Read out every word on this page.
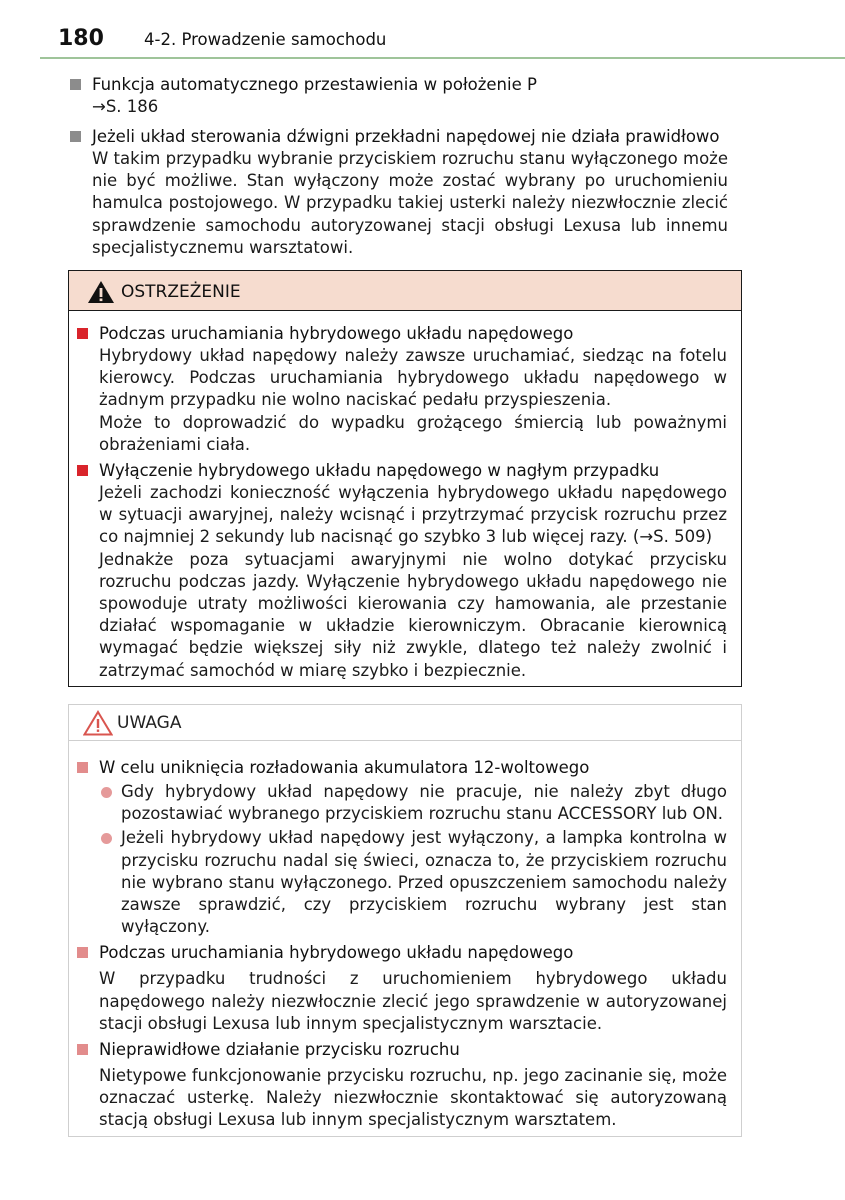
180 4-2. Prowadzenie samochodu

Funkcja automatycznego przestawienia w położenie P

→S. 186

Jeżeli układ sterowania dźwigni przekładni napędowej nie działa prawidłowo

W takim przypadku wybranie przyciskiem rozruchu stanu wyłączonego może nie być możliwe. Stan wyłączony może zostać wybrany po uruchomieniu hamulca postojowego. W przypadku takiej usterki należy niezwłocznie zlecić sprawdzenie samochodu autoryzowanej stacji obsługi Lexusa lub innemu specjalistycznemu warsztatowi.

OSTRZEŻENIE

Podczas uruchamiania hybrydowego układu napędowego

Hybrydowy układ napędowy należy zawsze uruchamiać, siedząc na fotelu kierowcy. Podczas uruchamiania hybrydowego układu napędowego w żadnym przypadku nie wolno naciskać pedału przyspieszenia.

Może to doprowadzić do wypadku grożącego śmiercią lub poważnymi obrażeniami ciała.

Wyłączenie hybrydowego układu napędowego w nagłym przypadku

Jeżeli zachodzi konieczność wyłączenia hybrydowego układu napędowego w sytuacji awaryjnej, należy wcisnąć i przytrzymać przycisk rozruchu przez co najmniej 2 sekundy lub nacisnąć go szybko 3 lub więcej razy. (→S. 509)

Jednakże poza sytuacjami awaryjnymi nie wolno dotykać przycisku rozruchu podczas jazdy. Wyłączenie hybrydowego układu napędowego nie spowoduje utraty możliwości kierowania czy hamowania, ale przestanie działać wspomaganie w układzie kierowniczym. Obracanie kierownicą wymagać będzie większej siły niż zwykle, dlatego też należy zwolnić i zatrzymać samochód w miarę szybko i bezpiecznie.

UWAGA

W celu uniknięcia rozładowania akumulatora 12-woltowego

Gdy hybrydowy układ napędowy nie pracuje, nie należy zbyt długo pozostawiać wybranego przyciskiem rozruchu stanu ACCESSORY lub ON.

Jeżeli hybrydowy układ napędowy jest wyłączony, a lampka kontrolna w przycisku rozruchu nadal się świeci, oznacza to, że przyciskiem rozruchu nie wybrano stanu wyłączonego. Przed opuszczeniem samochodu należy zawsze sprawdzić, czy przyciskiem rozruchu wybrany jest stan wyłączony.

Podczas uruchamiania hybrydowego układu napędowego

W przypadku trudności z uruchomieniem hybrydowego układu napędowego należy niezwłocznie zlecić jego sprawdzenie w autoryzowanej stacji obsługi Lexusa lub innym specjalistycznym warsztacie.

Nieprawidłowe działanie przycisku rozruchu

Nietypowe funkcjonowanie przycisku rozruchu, np. jego zacinanie się, może oznaczać usterkę. Należy niezwłocznie skontaktować się autoryzowaną stacją obsługi Lexusa lub innym specjalistycznym warsztatem.
